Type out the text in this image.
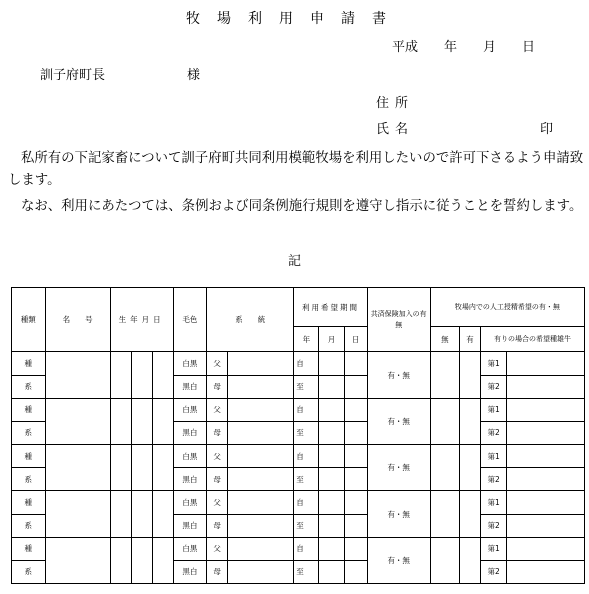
牧場利用申請書
平成　　年　　月　　日
訓子府町長	様
住所
氏名	印
私所有の下記家畜について訓子府町共同利用模範牧場を利用したいので許可下さるよう申請致します。
なお、利用にあたつては、条例および同条例施行規則を遵守し指示に従うことを誓約します。
記
種類	名　　号	生年月日			毛色	系　　統		利用希望期間			共済保険加入の有無	牧場内での人工授精希望の有・無			
								年	月	日		無	有	有りの場合の希望種雄牛	
種					白黒	父		自			有・無			第1	
系					黒白	母		至						第2	
種					白黒	父		自			有・無			第1	
系					黒白	母		至						第2	
種					白黒	父		自			有・無			第1	
系					黒白	母		至						第2	
種					白黒	父		自			有・無			第1	
系					黒白	母		至						第2	
種					白黒	父		自			有・無			第1	
系					黒白	母		至						第2	
